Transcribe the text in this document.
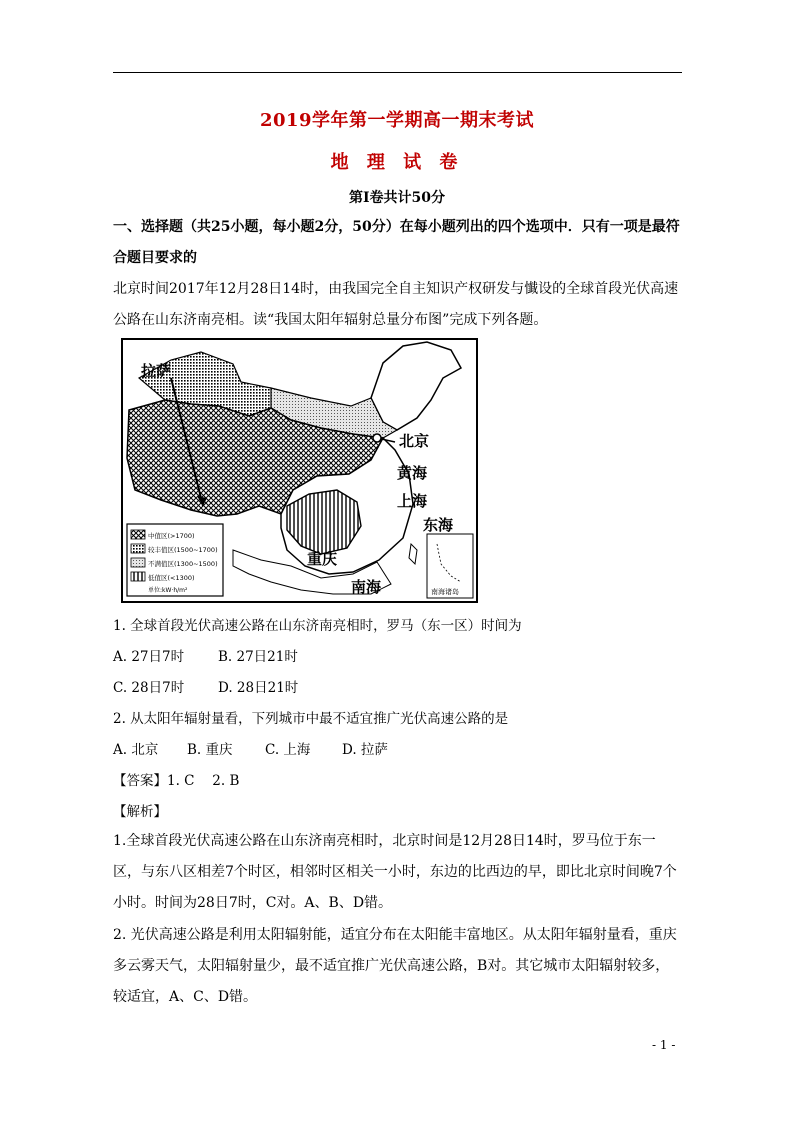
2019学年第一学期高一期末考试
地 理 试 卷
第Ⅰ卷共计50分
一、选择题（共25小题，每小题2分，50分）在每小题列出的四个选项中．只有一项是最符合题目要求的
北京时间2017年12月28日14时，由我国完全自主知识产权研发与懴设的全球首段光伏高速公路在山东济南亮相。读“我国太阳年辐射总量分布图”完成下列各题。
中值区(>1700)
较丰值区(1500~1700)
不满值区(1300~1500)
低值区(<1300)
单位:kW·h/m²	南海诸岛
拉萨
北京
黄海
上海
东海
重庆
南海
1. 全球首段光伏高速公路在山东济南亮相时，罗马（东一区）时间为
A. 27日7时	B. 27日21时
C. 28日7时	D. 28日21时
2. 从太阳年辐射量看，下列城市中最不适宜推广光伏高速公路的是
A. 北京 B. 重庆 C. 上海 D. 拉萨
【答案】1. C　 2. B
【解析】
1.全球首段光伏高速公路在山东济南亮相时，北京时间是12月28日14时，罗马位于东一区，与东八区相差7个时区，相邻时区相关一小时，东边的比西边的早，即比北京时间晚7个小时。时间为28日7时，C对。A、B、D错。
2. 光伏高速公路是利用太阳辐射能，适宜分布在太阳能丰富地区。从太阳年辐射量看，重庆多云雾天气，太阳辐射量少，最不适宜推广光伏高速公路，B对。其它城市太阳辐射较多，较适宜，A、C、D错。
- 1 -
